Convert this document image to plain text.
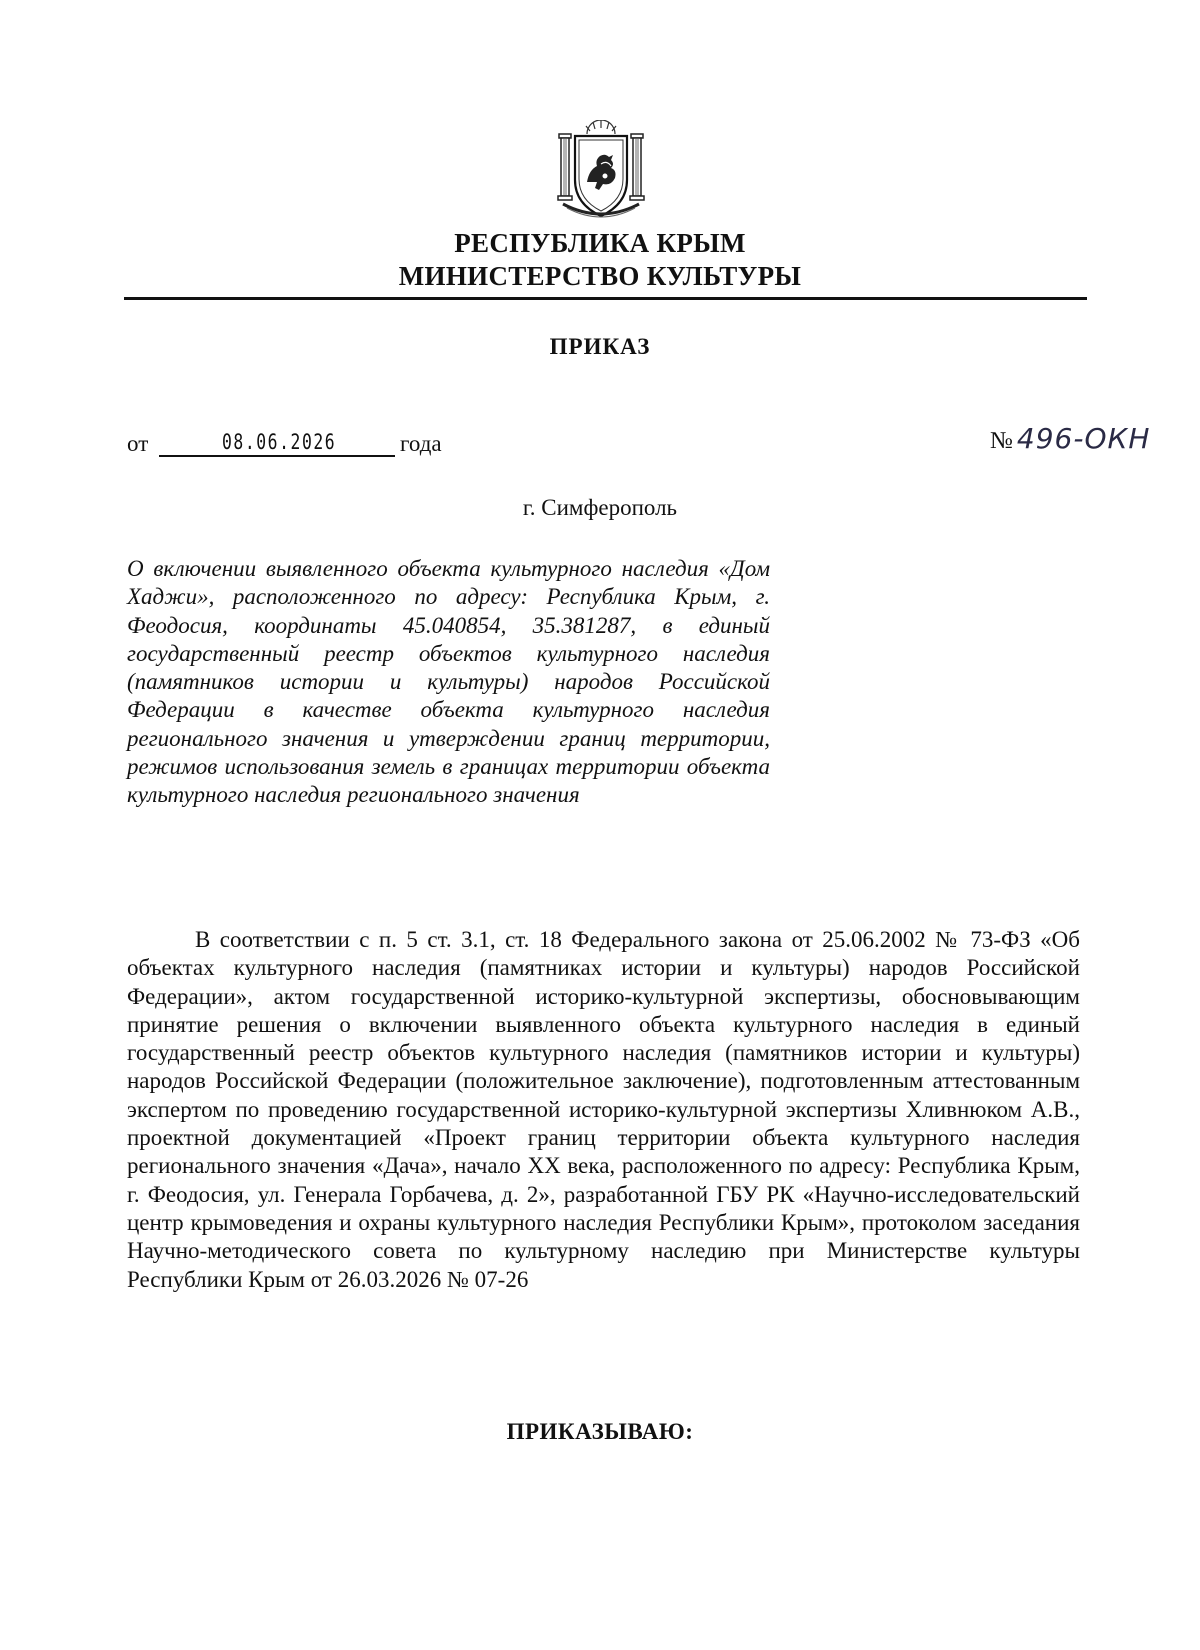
РЕСПУБЛИКА КРЫМ
МИНИСТЕРСТВО КУЛЬТУРЫ
ПРИКАЗ
от	08.06.2026	года	№ 496-ОКН
г. Симферополь
О включении выявленного объекта культурного наследия «Дом Хаджи», расположенного по адресу: Республика Крым, г. Феодосия, координаты 45.040854, 35.381287, в единый государственный реестр объектов культурного наследия (памятников истории и культуры) народов Российской Федерации в качестве объекта культурного наследия регионального значения и утверждении границ территории, режимов использования земель в границах территории объекта культурного наследия регионального значения
В соответствии с п. 5 ст. 3.1, ст. 18 Федерального закона от 25.06.2002 № 73-ФЗ «Об объектах культурного наследия (памятниках истории и культуры) народов Российской Федерации», актом государственной историко-культурной экспертизы, обосновывающим принятие решения о включении выявленного объекта культурного наследия в единый государственный реестр объектов культурного наследия (памятников истории и культуры) народов Российской Федерации (положительное заключение), подготовленным аттестованным экспертом по проведению государственной историко-культурной экспертизы Хливнюком А.В., проектной документацией «Проект границ территории объекта культурного наследия регионального значения «Дача», начало XX века, расположенного по адресу: Республика Крым, г. Феодосия, ул. Генерала Горбачева, д. 2», разработанной ГБУ РК «Научно-исследовательский центр крымоведения и охраны культурного наследия Республики Крым», протоколом заседания Научно-методического совета по культурному наследию при Министерстве культуры Республики Крым от 26.03.2026 № 07-26
ПРИКАЗЫВАЮ:
